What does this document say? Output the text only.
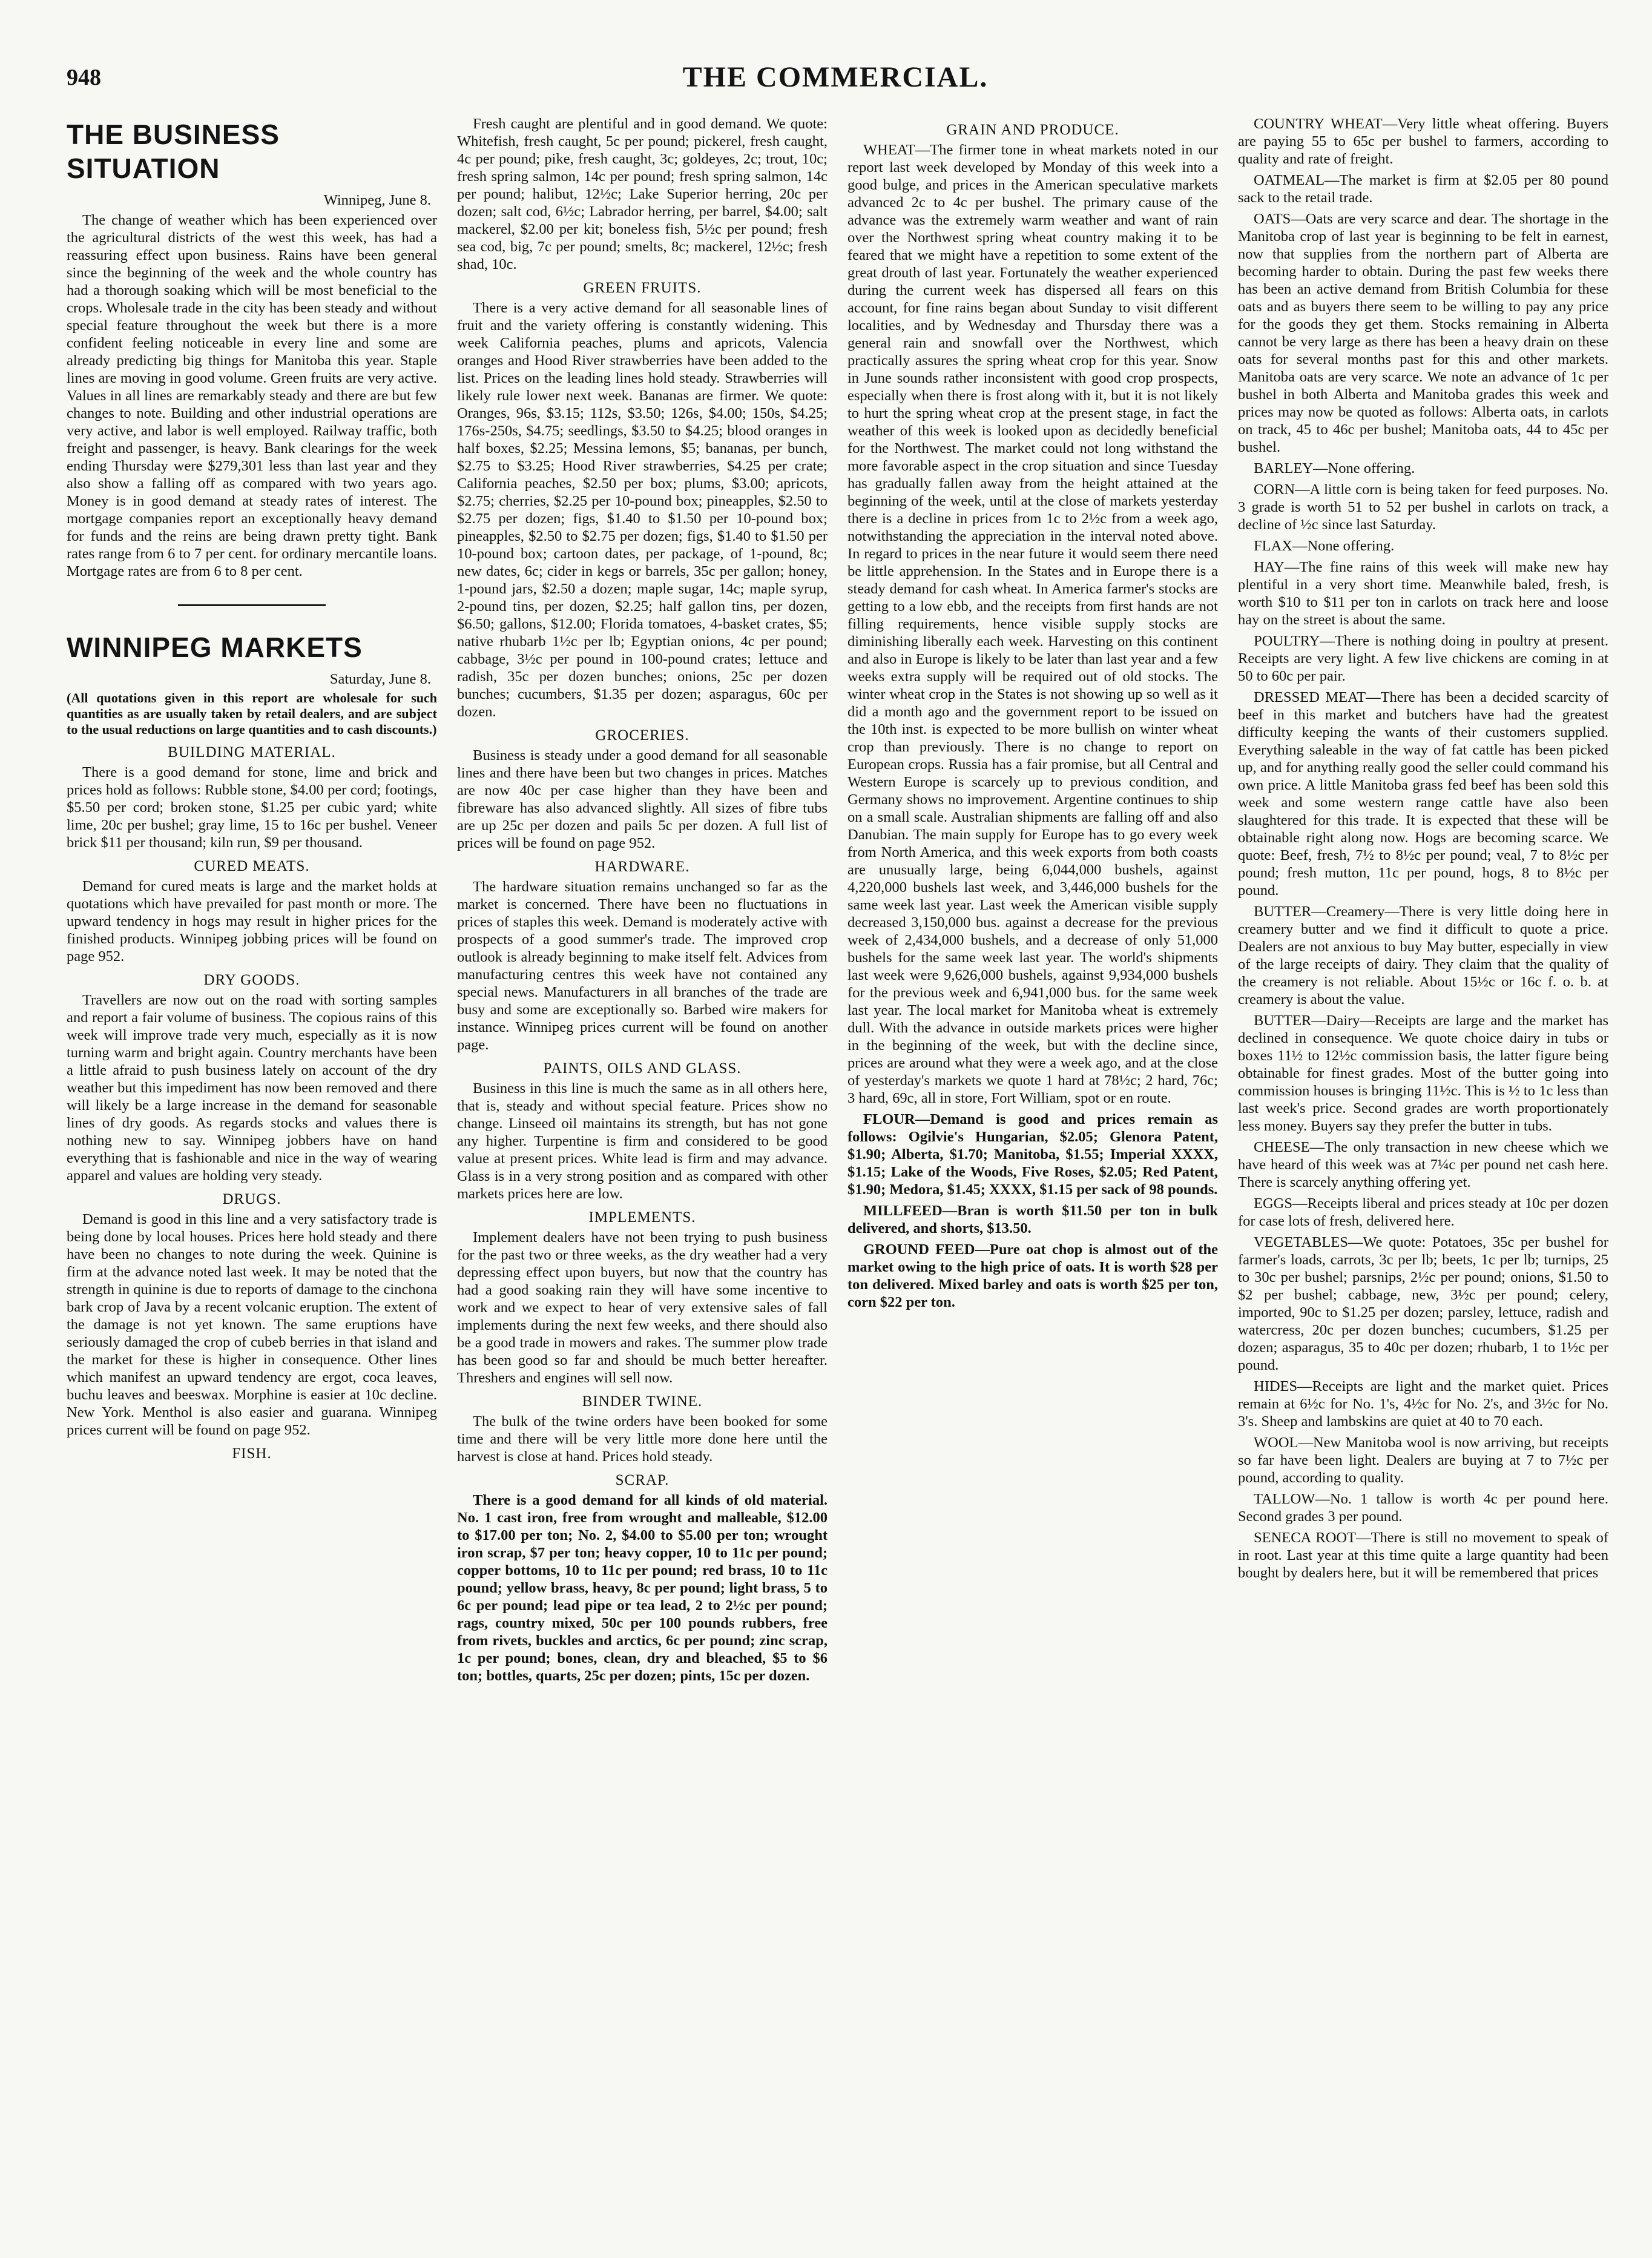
948	THE COMMERCIAL.
THE BUSINESS SITUATION
Winnipeg, June 8.

The change of weather which has been experienced over the agricultural districts of the west this week, has had a reassuring effect upon business. Rains have been general since the beginning of the week and the whole country has had a thorough soaking which will be most beneficial to the crops. Wholesale trade in the city has been steady and without special feature throughout the week but there is a more confident feeling noticeable in every line and some are already predicting big things for Manitoba this year. Staple lines are moving in good volume. Green fruits are very active. Values in all lines are remarkably steady and there are but few changes to note. Building and other industrial operations are very active, and labor is well employed. Railway traffic, both freight and passenger, is heavy. Bank clearings for the week ending Thursday were $279,301 less than last year and they also show a falling off as compared with two years ago. Money is in good demand at steady rates of interest. The mortgage companies report an exceptionally heavy demand for funds and the reins are being drawn pretty tight. Bank rates range from 6 to 7 per cent. for ordinary mercantile loans. Mortgage rates are from 6 to 8 per cent.

WINNIPEG MARKETS
Saturday, June 8.
(All quotations given in this report are wholesale for such quantities as are usually taken by retail dealers, and are subject to the usual reductions on large quantities and to cash discounts.)
BUILDING MATERIAL.

There is a good demand for stone, lime and brick and prices hold as follows: Rubble stone, $4.00 per cord; footings, $5.50 per cord; broken stone, $1.25 per cubic yard; white lime, 20c per bushel; gray lime, 15 to 16c per bushel. Veneer brick $11 per thousand; kiln run, $9 per thousand.

CURED MEATS.

Demand for cured meats is large and the market holds at quotations which have prevailed for past month or more. The upward tendency in hogs may result in higher prices for the finished products. Winnipeg jobbing prices will be found on page 952.

DRY GOODS.

Travellers are now out on the road with sorting samples and report a fair volume of business. The copious rains of this week will improve trade very much, especially as it is now turning warm and bright again. Country merchants have been a little afraid to push business lately on account of the dry weather but this impediment has now been removed and there will likely be a large increase in the demand for seasonable lines of dry goods. As regards stocks and values there is nothing new to say. Winnipeg jobbers have on hand everything that is fashionable and nice in the way of wearing apparel and values are holding very steady.

DRUGS.

Demand is good in this line and a very satisfactory trade is being done by local houses. Prices here hold steady and there have been no changes to note during the week. Quinine is firm at the advance noted last week. It may be noted that the strength in quinine is due to reports of damage to the cinchona bark crop of Java by a recent volcanic eruption. The extent of the damage is not yet known. The same eruptions have seriously damaged the crop of cubeb berries in that island and the market for these is higher in consequence. Other lines which manifest an upward tendency are ergot, coca leaves, buchu leaves and beeswax. Morphine is easier at 10c decline. New York. Menthol is also easier and guarana. Winnipeg prices current will be found on page 952.

FISH.

Fresh caught are plentiful and in good demand. We quote: Whitefish, fresh caught, 5c per pound; pickerel, fresh caught, 4c per pound; pike, fresh caught, 3c; goldeyes, 2c; trout, 10c; fresh spring salmon, 14c per pound; fresh spring salmon, 14c per pound; halibut, 12½c; Lake Superior herring, 20c per dozen; salt cod, 6½c; Labrador herring, per barrel, $4.00; salt mackerel, $2.00 per kit; boneless fish, 5½c per pound; fresh sea cod, big, 7c per pound; smelts, 8c; mackerel, 12½c; fresh shad, 10c.

GREEN FRUITS.

There is a very active demand for all seasonable lines of fruit and the variety offering is constantly widening. This week California peaches, plums and apricots, Valencia oranges and Hood River strawberries have been added to the list. Prices on the leading lines hold steady. Strawberries will likely rule lower next week. Bananas are firmer. We quote: Oranges, 96s, $3.15; 112s, $3.50; 126s, $4.00; 150s, $4.25; 176s-250s, $4.75; seedlings, $3.50 to $4.25; blood oranges in half boxes, $2.25; Messina lemons, $5; bananas, per bunch, $2.75 to $3.25; Hood River strawberries, $4.25 per crate; California peaches, $2.50 per box; plums, $3.00; apricots, $2.75; cherries, $2.25 per 10-pound box; pineapples, $2.50 to $2.75 per dozen; figs, $1.40 to $1.50 per 10-pound box; pineapples, $2.50 to $2.75 per dozen; figs, $1.40 to $1.50 per 10-pound box; cartoon dates, per package, of 1-pound, 8c; new dates, 6c; cider in kegs or barrels, 35c per gallon; honey, 1-pound jars, $2.50 a dozen; maple sugar, 14c; maple syrup, 2-pound tins, per dozen, $2.25; half gallon tins, per dozen, $6.50; gallons, $12.00; Florida tomatoes, 4-basket crates, $5; native rhubarb 1½c per lb; Egyptian onions, 4c per pound; cabbage, 3½c per pound in 100-pound crates; lettuce and radish, 35c per dozen bunches; onions, 25c per dozen bunches; cucumbers, $1.35 per dozen; asparagus, 60c per dozen.

GROCERIES.

Business is steady under a good demand for all seasonable lines and there have been but two changes in prices. Matches are now 40c per case higher than they have been and fibreware has also advanced slightly. All sizes of fibre tubs are up 25c per dozen and pails 5c per dozen. A full list of prices will be found on page 952.

HARDWARE.

The hardware situation remains unchanged so far as the market is concerned. There have been no fluctuations in prices of staples this week. Demand is moderately active with prospects of a good summer's trade. The improved crop outlook is already beginning to make itself felt. Advices from manufacturing centres this week have not contained any special news. Manufacturers in all branches of the trade are busy and some are exceptionally so. Barbed wire makers for instance. Winnipeg prices current will be found on another page.

PAINTS, OILS AND GLASS.

Business in this line is much the same as in all others here, that is, steady and without special feature. Prices show no change. Linseed oil maintains its strength, but has not gone any higher. Turpentine is firm and considered to be good value at present prices. White lead is firm and may advance. Glass is in a very strong position and as compared with other markets prices here are low.

IMPLEMENTS.

Implement dealers have not been trying to push business for the past two or three weeks, as the dry weather had a very depressing effect upon buyers, but now that the country has had a good soaking rain they will have some incentive to work and we expect to hear of very extensive sales of fall implements during the next few weeks, and there should also be a good trade in mowers and rakes. The summer plow trade has been good so far and should be much better hereafter. Threshers and engines will sell now.

BINDER TWINE.

The bulk of the twine orders have been booked for some time and there will be very little more done here until the harvest is close at hand. Prices hold steady.

SCRAP.

There is a good demand for all kinds of old material. No. 1 cast iron, free from wrought and malleable, $12.00 to $17.00 per ton; No. 2, $4.00 to $5.00 per ton; wrought iron scrap, $7 per ton; heavy copper, 10 to 11c per pound; copper bottoms, 10 to 11c per pound; red brass, 10 to 11c pound; yellow brass, heavy, 8c per pound; light brass, 5 to 6c per pound; lead pipe or tea lead, 2 to 2½c per pound; rags, country mixed, 50c per 100 pounds rubbers, free from rivets, buckles and arctics, 6c per pound; zinc scrap, 1c per pound; bones, clean, dry and bleached, $5 to $6 ton; bottles, quarts, 25c per dozen; pints, 15c per dozen.

GRAIN AND PRODUCE.

WHEAT—The firmer tone in wheat markets noted in our report last week developed by Monday of this week into a good bulge, and prices in the American speculative markets advanced 2c to 4c per bushel. The primary cause of the advance was the extremely warm weather and want of rain over the Northwest spring wheat country making it to be feared that we might have a repetition to some extent of the great drouth of last year. Fortunately the weather experienced during the current week has dispersed all fears on this account, for fine rains began about Sunday to visit different localities, and by Wednesday and Thursday there was a general rain and snowfall over the Northwest, which practically assures the spring wheat crop for this year. Snow in June sounds rather inconsistent with good crop prospects, especially when there is frost along with it, but it is not likely to hurt the spring wheat crop at the present stage, in fact the weather of this week is looked upon as decidedly beneficial for the Northwest. The market could not long withstand the more favorable aspect in the crop situation and since Tuesday has gradually fallen away from the height attained at the beginning of the week, until at the close of markets yesterday there is a decline in prices from 1c to 2½c from a week ago, notwithstanding the appreciation in the interval noted above. In regard to prices in the near future it would seem there need be little apprehension. In the States and in Europe there is a steady demand for cash wheat. In America farmer's stocks are getting to a low ebb, and the receipts from first hands are not filling requirements, hence visible supply stocks are diminishing liberally each week. Harvesting on this continent and also in Europe is likely to be later than last year and a few weeks extra supply will be required out of old stocks. The winter wheat crop in the States is not showing up so well as it did a month ago and the government report to be issued on the 10th inst. is expected to be more bullish on winter wheat crop than previously. There is no change to report on European crops. Russia has a fair promise, but all Central and Western Europe is scarcely up to previous condition, and Germany shows no improvement. Argentine continues to ship on a small scale. Australian shipments are falling off and also Danubian. The main supply for Europe has to go every week from North America, and this week exports from both coasts are unusually large, being 6,044,000 bushels, against 4,220,000 bushels last week, and 3,446,000 bushels for the same week last year. Last week the American visible supply decreased 3,150,000 bus. against a decrease for the previous week of 2,434,000 bushels, and a decrease of only 51,000 bushels for the same week last year. The world's shipments last week were 9,626,000 bushels, against 9,934,000 bushels for the previous week and 6,941,000 bus. for the same week last year. The local market for Manitoba wheat is extremely dull. With the advance in outside markets prices were higher in the beginning of the week, but with the decline since, prices are around what they were a week ago, and at the close of yesterday's markets we quote 1 hard at 78½c; 2 hard, 76c; 3 hard, 69c, all in store, Fort William, spot or en route.

FLOUR—Demand is good and prices remain as follows: Ogilvie's Hungarian, $2.05; Glenora Patent, $1.90; Alberta, $1.70; Manitoba, $1.55; Imperial XXXX, $1.15; Lake of the Woods, Five Roses, $2.05; Red Patent, $1.90; Medora, $1.45; XXXX, $1.15 per sack of 98 pounds.

MILLFEED—Bran is worth $11.50 per ton in bulk delivered, and shorts, $13.50.

GROUND FEED—Pure oat chop is almost out of the market owing to the high price of oats. It is worth $28 per ton delivered. Mixed barley and oats is worth $25 per ton, corn $22 per ton.

COUNTRY WHEAT—Very little wheat offering. Buyers are paying 55 to 65c per bushel to farmers, according to quality and rate of freight.

OATMEAL—The market is firm at $2.05 per 80 pound sack to the retail trade.

OATS—Oats are very scarce and dear. The shortage in the Manitoba crop of last year is beginning to be felt in earnest, now that supplies from the northern part of Alberta are becoming harder to obtain. During the past few weeks there has been an active demand from British Columbia for these oats and as buyers there seem to be willing to pay any price for the goods they get them. Stocks remaining in Alberta cannot be very large as there has been a heavy drain on these oats for several months past for this and other markets. Manitoba oats are very scarce. We note an advance of 1c per bushel in both Alberta and Manitoba grades this week and prices may now be quoted as follows: Alberta oats, in carlots on track, 45 to 46c per bushel; Manitoba oats, 44 to 45c per bushel.

BARLEY—None offering.

CORN—A little corn is being taken for feed purposes. No. 3 grade is worth 51 to 52 per bushel in carlots on track, a decline of ½c since last Saturday.

FLAX—None offering.

HAY—The fine rains of this week will make new hay plentiful in a very short time. Meanwhile baled, fresh, is worth $10 to $11 per ton in carlots on track here and loose hay on the street is about the same.

POULTRY—There is nothing doing in poultry at present. Receipts are very light. A few live chickens are coming in at 50 to 60c per pair.

DRESSED MEAT—There has been a decided scarcity of beef in this market and butchers have had the greatest difficulty keeping the wants of their customers supplied. Everything saleable in the way of fat cattle has been picked up, and for anything really good the seller could command his own price. A little Manitoba grass fed beef has been sold this week and some western range cattle have also been slaughtered for this trade. It is expected that these will be obtainable right along now. Hogs are becoming scarce. We quote: Beef, fresh, 7½ to 8½c per pound; veal, 7 to 8½c per pound; fresh mutton, 11c per pound, hogs, 8 to 8½c per pound.

BUTTER—Creamery—There is very little doing here in creamery butter and we find it difficult to quote a price. Dealers are not anxious to buy May butter, especially in view of the large receipts of dairy. They claim that the quality of the creamery is not reliable. About 15½c or 16c f. o. b. at creamery is about the value.

BUTTER—Dairy—Receipts are large and the market has declined in consequence. We quote choice dairy in tubs or boxes 11½ to 12½c commission basis, the latter figure being obtainable for finest grades. Most of the butter going into commission houses is bringing 11½c. This is ½ to 1c less than last week's price. Second grades are worth proportionately less money. Buyers say they prefer the butter in tubs.

CHEESE—The only transaction in new cheese which we have heard of this week was at 7¼c per pound net cash here. There is scarcely anything offering yet.

EGGS—Receipts liberal and prices steady at 10c per dozen for case lots of fresh, delivered here.

VEGETABLES—We quote: Potatoes, 35c per bushel for farmer's loads, carrots, 3c per lb; beets, 1c per lb; turnips, 25 to 30c per bushel; parsnips, 2½c per pound; onions, $1.50 to $2 per bushel; cabbage, new, 3½c per pound; celery, imported, 90c to $1.25 per dozen; parsley, lettuce, radish and watercress, 20c per dozen bunches; cucumbers, $1.25 per dozen; asparagus, 35 to 40c per dozen; rhubarb, 1 to 1½c per pound.

HIDES—Receipts are light and the market quiet. Prices remain at 6½c for No. 1's, 4½c for No. 2's, and 3½c for No. 3's. Sheep and lambskins are quiet at 40 to 70 each.

WOOL—New Manitoba wool is now arriving, but receipts so far have been light. Dealers are buying at 7 to 7½c per pound, according to quality.

TALLOW—No. 1 tallow is worth 4c per pound here. Second grades 3 per pound.

SENECA ROOT—There is still no movement to speak of in root. Last year at this time quite a large quantity had been bought by dealers here, but it will be remembered that prices
